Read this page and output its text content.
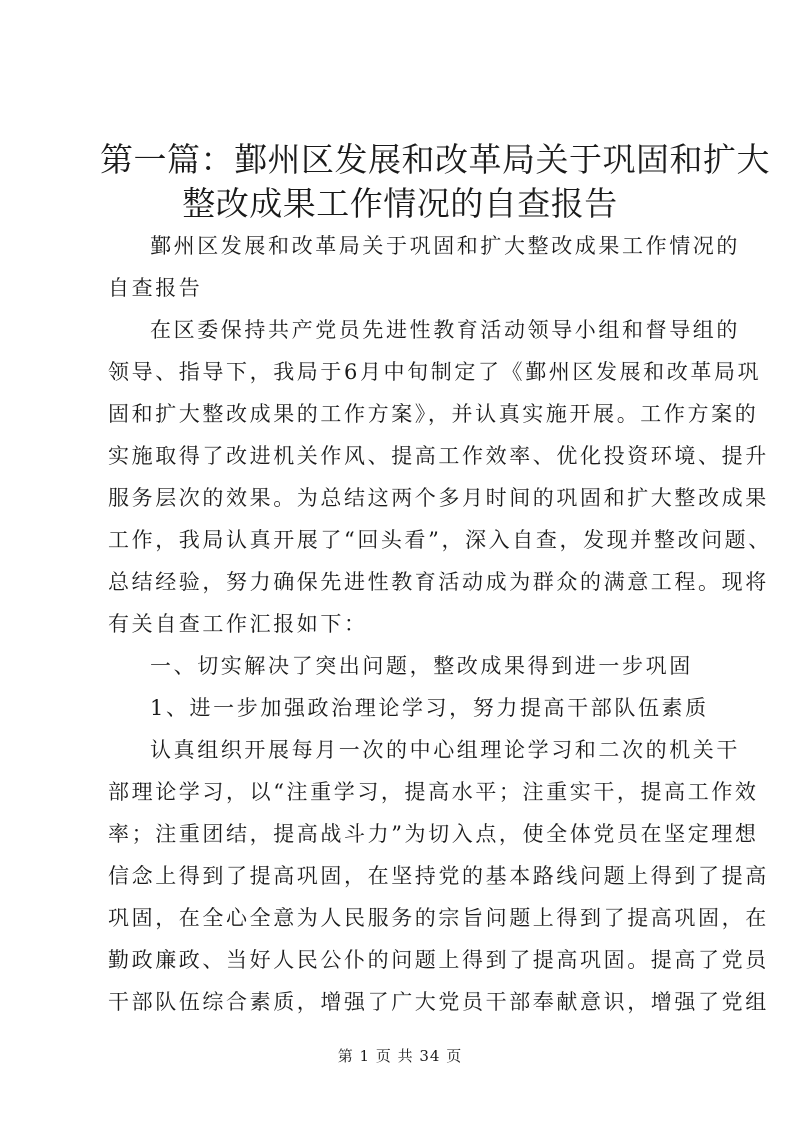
第一篇：鄞州区发展和改革局关于巩固和扩大
整改成果工作情况的自查报告

鄞州区发展和改革局关于巩固和扩大整改成果工作情况的

自查报告

在区委保持共产党员先进性教育活动领导小组和督导组的

领导、指导下，我局于6月中旬制定了《鄞州区发展和改革局巩

固和扩大整改成果的工作方案》，并认真实施开展。工作方案的

实施取得了改进机关作风、提高工作效率、优化投资环境、提升

服务层次的效果。为总结这两个多月时间的巩固和扩大整改成果

工作，我局认真开展了“回头看”，深入自查，发现并整改问题、

总结经验，努力确保先进性教育活动成为群众的满意工程。现将

有关自查工作汇报如下：

一、切实解决了突出问题，整改成果得到进一步巩固

1、进一步加强政治理论学习，努力提高干部队伍素质

认真组织开展每月一次的中心组理论学习和二次的机关干

部理论学习，以“注重学习，提高水平；注重实干，提高工作效

率；注重团结，提高战斗力”为切入点，使全体党员在坚定理想

信念上得到了提高巩固，在坚持党的基本路线问题上得到了提高

巩固，在全心全意为人民服务的宗旨问题上得到了提高巩固，在

勤政廉政、当好人民公仆的问题上得到了提高巩固。提高了党员

干部队伍综合素质，增强了广大党员干部奉献意识，增强了党组

第 1 页 共 34 页
